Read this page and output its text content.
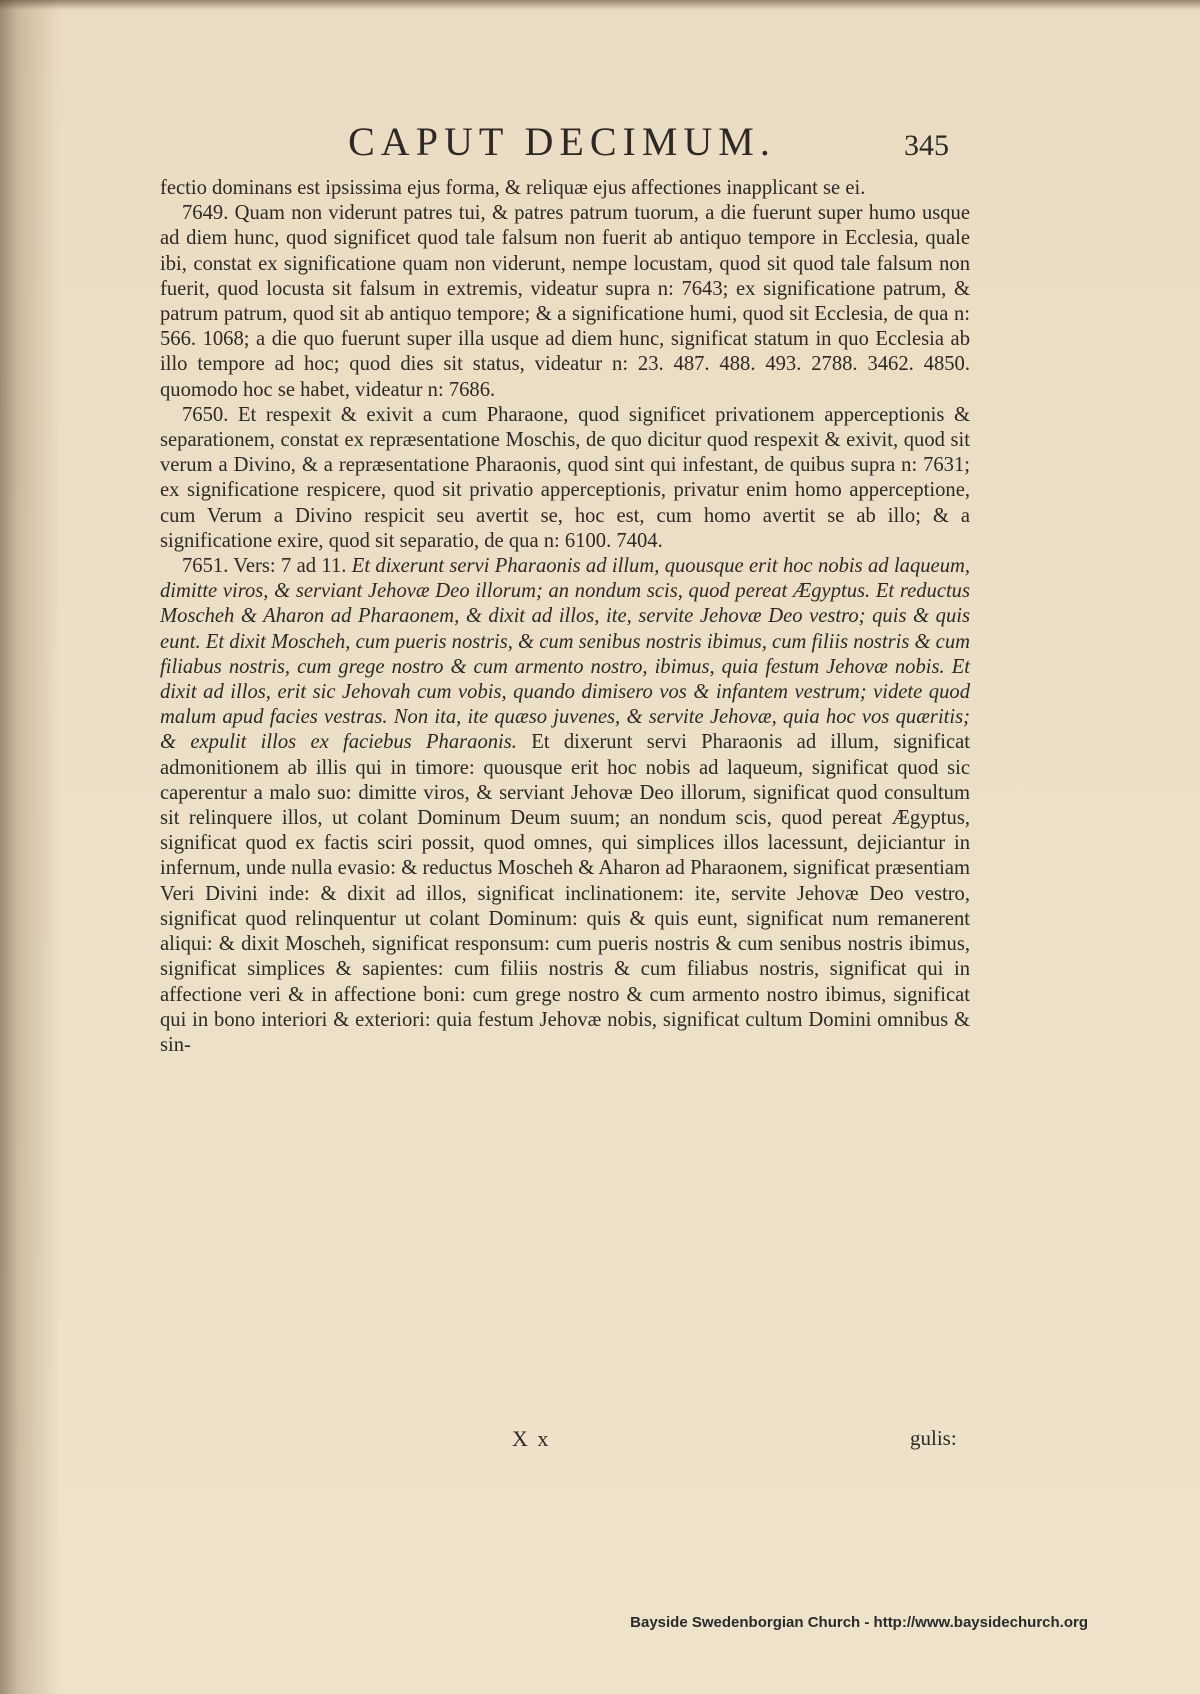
CAPUT DECIMUM.	345

fectio dominans est ipsissima ejus forma, & reliquæ ejus affectiones inapplicant se ei.

7649. Quam non viderunt patres tui, & patres patrum tuorum, a die fuerunt super humo usque ad diem hunc, quod significet quod tale falsum non fuerit ab antiquo tempore in Ecclesia, quale ibi, constat ex significatione quam non viderunt, nempe locustam, quod sit quod tale falsum non fuerit, quod locusta sit falsum in extremis, videatur supra n: 7643; ex significatione patrum, & patrum patrum, quod sit ab antiquo tempore; & a significatione humi, quod sit Ecclesia, de qua n: 566. 1068; a die quo fuerunt super illa usque ad diem hunc, significat statum in quo Ecclesia ab illo tempore ad hoc; quod dies sit status, videatur n: 23. 487. 488. 493. 2788. 3462. 4850. quomodo hoc se habet, videatur n: 7686.

7650. Et respexit & exivit a cum Pharaone, quod significet privationem apperceptionis & separationem, constat ex repræsentatione Moschis, de quo dicitur quod respexit & exivit, quod sit verum a Divino, & a repræsentatione Pharaonis, quod sint qui infestant, de quibus supra n: 7631; ex significatione respicere, quod sit privatio apperceptionis, privatur enim homo apperceptione, cum Verum a Divino respicit seu avertit se, hoc est, cum homo avertit se ab illo; & a significatione exire, quod sit separatio, de qua n: 6100. 7404.

7651. Vers: 7 ad 11. Et dixerunt servi Pharaonis ad illum, quousque erit hoc nobis ad laqueum, dimitte viros, & serviant Jehovæ Deo illorum; an nondum scis, quod pereat Ægyptus. Et reductus Moscheh & Aharon ad Pharaonem, & dixit ad illos, ite, servite Jehovæ Deo vestro; quis & quis eunt. Et dixit Moscheh, cum pueris nostris, & cum senibus nostris ibimus, cum filiis nostris & cum filiabus nostris, cum grege nostro & cum armento nostro, ibimus, quia festum Jehovæ nobis. Et dixit ad illos, erit sic Jehovah cum vobis, quando dimisero vos & infantem vestrum; videte quod malum apud facies vestras. Non ita, ite quæso juvenes, & servite Jehovæ, quia hoc vos quæritis; & expulit illos ex faciebus Pharaonis. Et dixerunt servi Pharaonis ad illum, significat admonitionem ab illis qui in timore: quousque erit hoc nobis ad laqueum, significat quod sic caperentur a malo suo: dimitte viros, & serviant Jehovæ Deo illorum, significat quod consultum sit relinquere illos, ut colant Dominum Deum suum; an nondum scis, quod pereat Ægyptus, significat quod ex factis sciri possit, quod omnes, qui simplices illos lacessunt, dejiciantur in infernum, unde nulla evasio: & reductus Moscheh & Aharon ad Pharaonem, significat præsentiam Veri Divini inde: & dixit ad illos, significat inclinationem: ite, servite Jehovæ Deo vestro, significat quod relinquentur ut colant Dominum: quis & quis eunt, significat num remanerent aliqui: & dixit Moscheh, significat responsum: cum pueris nostris & cum senibus nostris ibimus, significat simplices & sapientes: cum filiis nostris & cum filiabus nostris, significat qui in affectione veri & in affectione boni: cum grege nostro & cum armento nostro ibimus, significat qui in bono interiori & exteriori: quia festum Jehovæ nobis, significat cultum Domini omnibus & sin-

X x	gulis:
Bayside Swedenborgian Church - http://www.baysidechurch.org
